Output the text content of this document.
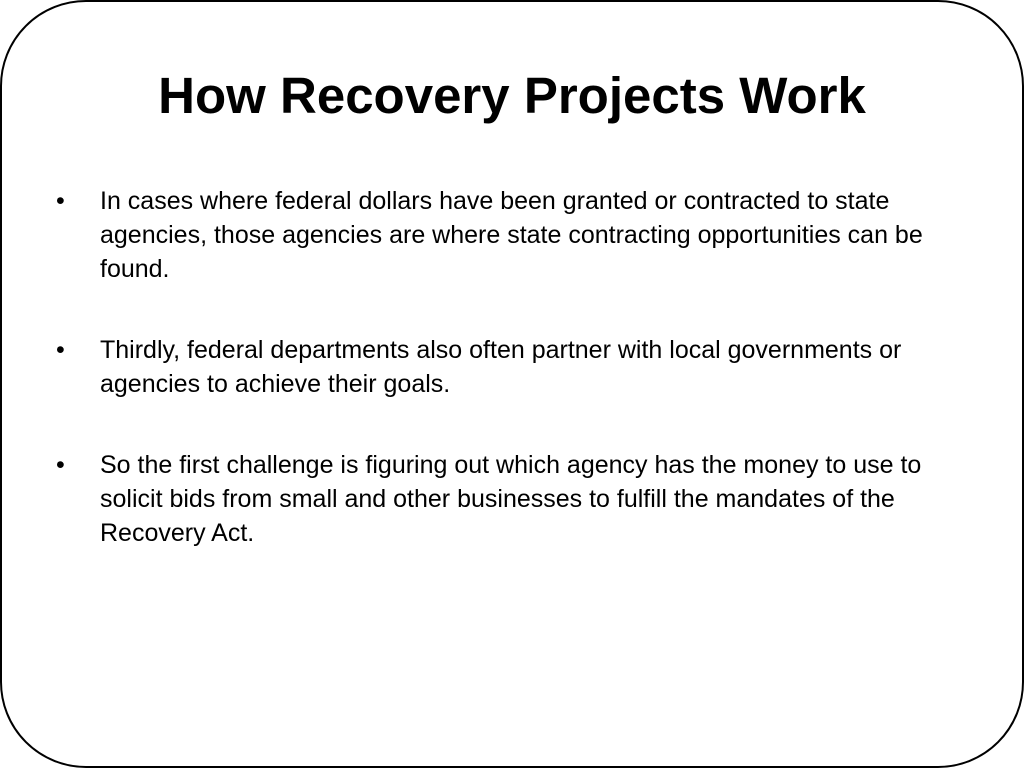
How Recovery Projects Work
•	In cases where federal dollars have been granted or contracted to state agencies, those agencies are where state contracting opportunities can be found.
•	Thirdly, federal departments also often partner with local governments or agencies to achieve their goals.
•	So the first challenge is figuring out which agency has the money to use to solicit bids from small and other businesses to fulfill the mandates of the Recovery Act.
